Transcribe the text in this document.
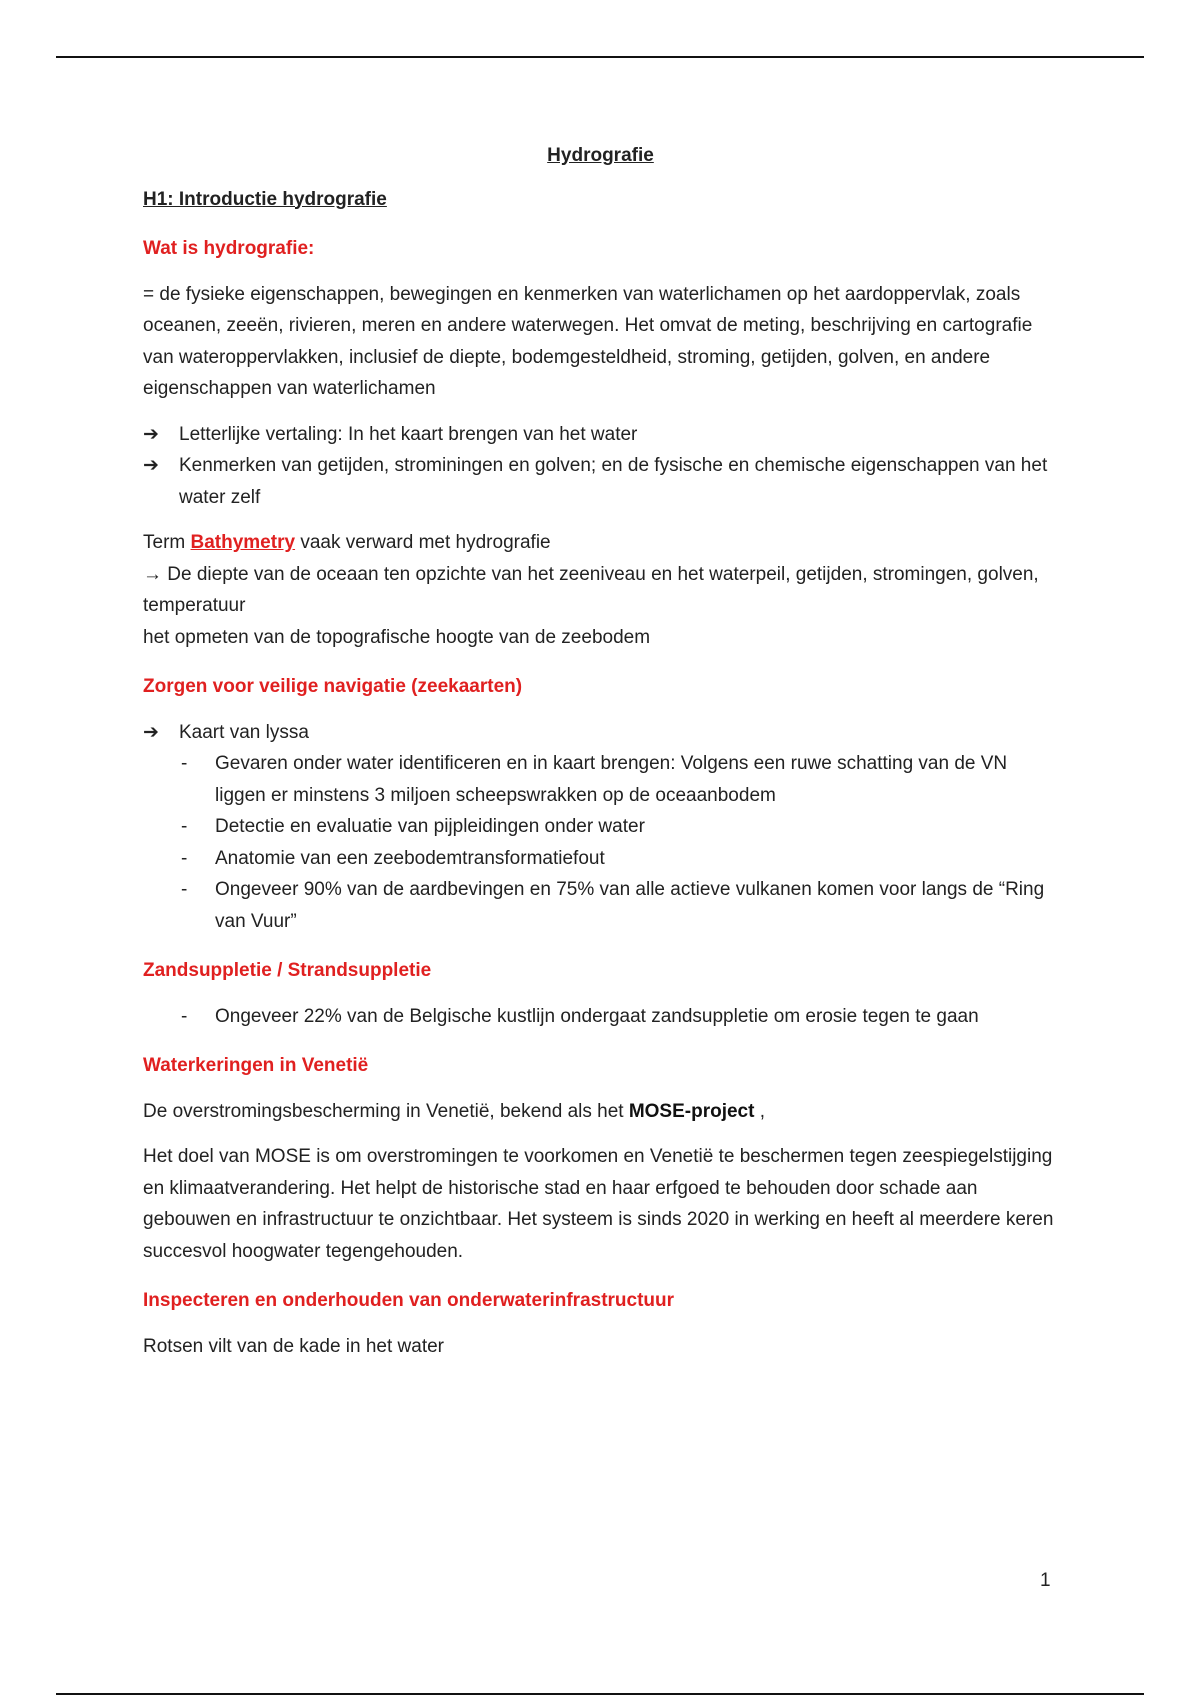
Hydrografie
H1: Introductie hydrografie
Wat is hydrografie:

= de fysieke eigenschappen, bewegingen en kenmerken van waterlichamen op het aardoppervlak, zoals oceanen, zeeën, rivieren, meren en andere waterwegen. Het omvat de meting, beschrijving en cartografie van wateroppervlakken, inclusief de diepte, bodemgesteldheid, stroming, getijden, golven, en andere eigenschappen van waterlichamen

➔ Letterlijke vertaling: In het kaart brengen van het water
➔ Kenmerken van getijden, strominingen en golven; en de fysische en chemische eigenschappen van het water zelf

Term Bathymetry vaak verward met hydrografie

→ De diepte van de oceaan ten opzichte van het zeeniveau en het waterpeil, getijden, stromingen, golven, temperatuur

het opmeten van de topografische hoogte van de zeebodem

Zorgen voor veilige navigatie (zeekaarten)
➔ Kaart van lyssa
- Gevaren onder water identificeren en in kaart brengen: Volgens een ruwe schatting van de VN liggen er minstens 3 miljoen scheepswrakken op de oceaanbodem
- Detectie en evaluatie van pijpleidingen onder water
- Anatomie van een zeebodemtransformatiefout
- Ongeveer 90% van de aardbevingen en 75% van alle actieve vulkanen komen voor langs de “Ring van Vuur”
Zandsuppletie / Strandsuppletie
- Ongeveer 22% van de Belgische kustlijn ondergaat zandsuppletie om erosie tegen te gaan
Waterkeringen in Venetië

De overstromingsbescherming in Venetië, bekend als het MOSE-project ,

Het doel van MOSE is om overstromingen te voorkomen en Venetië te beschermen tegen zeespiegelstijging en klimaatverandering. Het helpt de historische stad en haar erfgoed te behouden door schade aan gebouwen en infrastructuur te onzichtbaar. Het systeem is sinds 2020 in werking en heeft al meerdere keren succesvol hoogwater tegengehouden.

Inspecteren en onderhouden van onderwaterinfrastructuur

Rotsen vilt van de kade in het water

1
